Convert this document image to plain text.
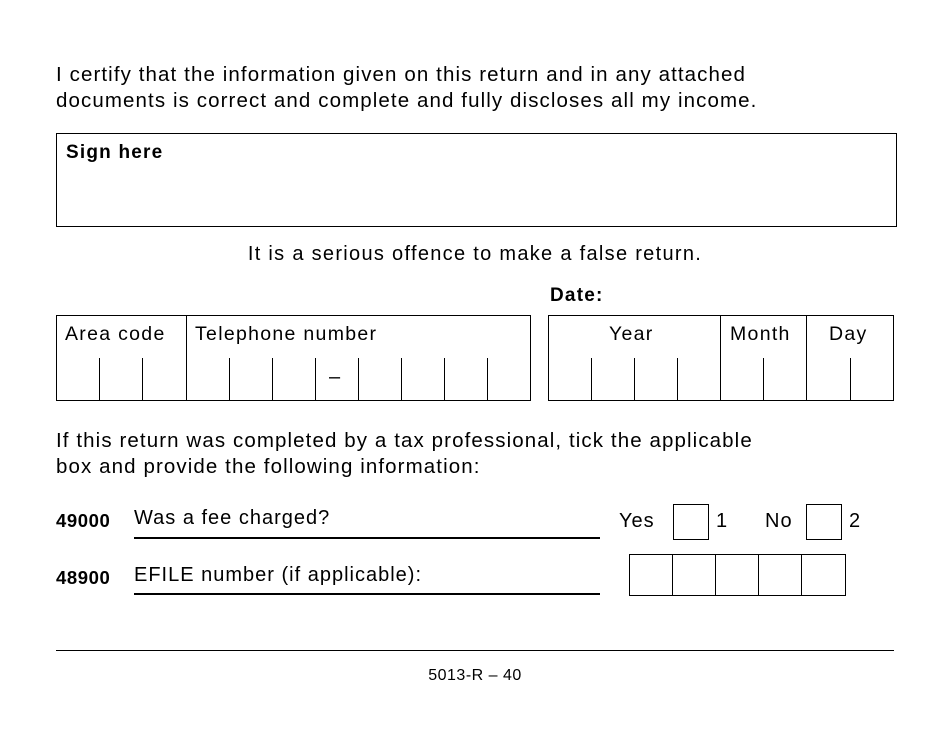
I certify that the information given on this return and in any attached
documents is correct and complete and fully discloses all my income.
Sign here
It is a serious offence to make a false return.
Date:
Area code Telephone number
–
Year	Month Day
If this return was completed by a tax professional, tick the applicable
box and provide the following information:
49000 Was a fee charged?	Yes	1 No	2
48900 EFILE number (if applicable):
5013-R – 40
